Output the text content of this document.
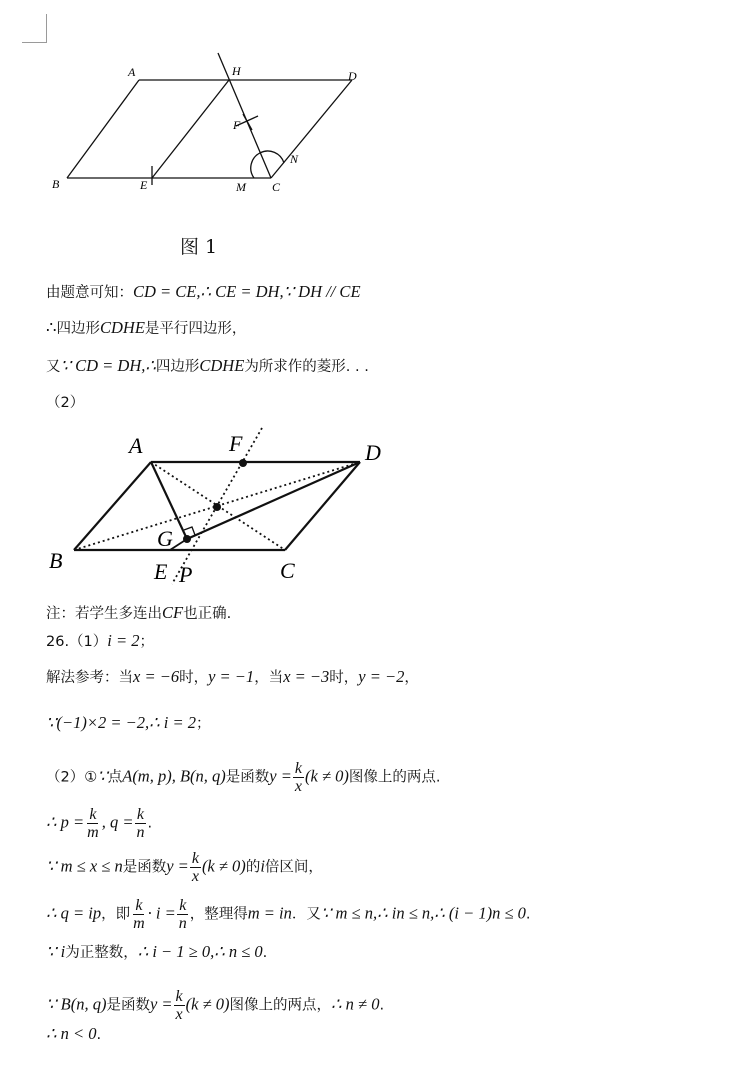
A	H	D
B	E	M C
N
F
图 1
由题意可知：CD = CE,∴ CE = DH,∵ DH // CE
∴四边形CDHE是平行四边形，
又∵ CD = DH,∴四边形CDHE为所求作的菱形. . .
（2）
A	F	D
G
B	E P	C
注：若学生多连出CF也正确.
26.（1）i = 2；
解法参考：当x = −6时，y = −1，当x = −3时，y = −2，
∵(−1)×2 = −2,∴ i = 2；
（2）①∵点A(m, p), B(n, q)是函数$y = \frac{k}{x} (k \ne 0)$图像上的两点.
∴ $p = \frac{k}{m}$ , $q = \frac{k}{n}$ .
∵ m ≤ x ≤ n是函数$y = \frac{k}{x} (k \ne 0)$的i倍区间，
∴ q = ip，即 $\frac{k}{m} \cdot i = \frac{k}{n}$ ，整理得m = in．又∵ m ≤ n,∴ in ≤ n,∴ (i − 1)n ≤ 0.
∵ i为正整数，∴ i − 1 ≥ 0,∴ n ≤ 0.
∵ B(n, q)是函数$y = \frac{k}{x} (k \ne 0)$图像上的两点，∴ n ≠ 0.
∴ n < 0.
